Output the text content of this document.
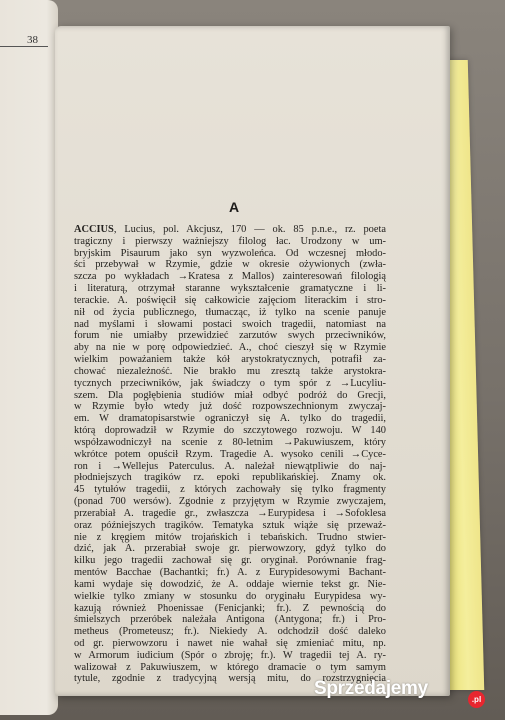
38
A
ACCIUS, Lucius, pol. Akcjusz, 170 — ok. 85 p.n.e., rz. poeta
tragiczny i pierwszy ważniejszy filolog łac. Urodzony w um-
bryjskim Pisaurum jako syn wyzwoleńca. Od wczesnej młodo-
ści przebywał w Rzymie, gdzie w okresie ożywionych (zwła-
szcza po wykładach →Kratesa z Mallos) zainteresowań filologią
i literaturą, otrzymał staranne wykształcenie gramatyczne i li-
terackie. A. poświęcił się całkowicie zajęciom literackim i stro-
nił od życia publicznego, tłumacząc, iż tylko na scenie panuje
nad myślami i słowami postaci swoich tragedii, natomiast na
forum nie umiałby przewidzieć zarzutów swych przeciwników,
aby na nie w porę odpowiedzieć. A., choć cieszył się w Rzymie
wielkim poważaniem także kół arystokratycznych, potrafił za-
chować niezależność. Nie brakło mu zresztą także arystokra-
tycznych przeciwników, jak świadczy o tym spór z →Lucyliu-
szem. Dla pogłębienia studiów miał odbyć podróż do Grecji,
w Rzymie było wtedy już dość rozpowszechnionym zwyczaj-
em. W dramatopisarstwie ograniczył się A. tylko do tragedii,
którą doprowadził w Rzymie do szczytowego rozwoju. W 140
współzawodniczył na scenie z 80-letnim →Pakuwiuszem, który
wkrótce potem opuścił Rzym. Tragedie A. wysoko cenili →Cyce-
ron i →Wellejus Paterculus. A. należał niewątpliwie do naj-
płodniejszych tragików rz. epoki republikańskiej. Znamy ok.
45 tytułów tragedii, z których zachowały się tylko fragmenty
(ponad 700 wersów). Zgodnie z przyjętym w Rzymie zwyczajem,
przerabiał A. tragedie gr., zwłaszcza →Eurypidesa i →Sofoklesa
oraz późniejszych tragików. Tematyka sztuk wiąże się przeważ-
nie z kręgiem mitów trojańskich i tebańskich. Trudno stwier-
dzić, jak A. przerabiał swoje gr. pierwowzory, gdyż tylko do
kilku jego tragedii zachował się gr. oryginał. Porównanie frag-
mentów Bacchae (Bachantki; fr.) A. z Eurypidesowymi Bachant-
kami wydaje się dowodzić, że A. oddaje wiernie tekst gr. Nie-
wielkie tylko zmiany w stosunku do oryginału Eurypidesa wy-
kazują również Phoenissae (Fenicjanki; fr.). Z pewnością do
śmielszych przeróbek należała Antigona (Antygona; fr.) i Pro-
metheus (Prometeusz; fr.). Niekiedy A. odchodził dość daleko
od gr. pierwowzoru i nawet nie wahał się zmieniać mitu, np.
w Armorum iudicium (Spór o zbroję; fr.). W tragedii tej A. ry-
walizował z Pakuwiuszem, w którego dramacie o tym samym
tytule, zgodnie z tradycyjną wersją mitu, do rozstrzygnięcia
Sprzedajemy
.pl
